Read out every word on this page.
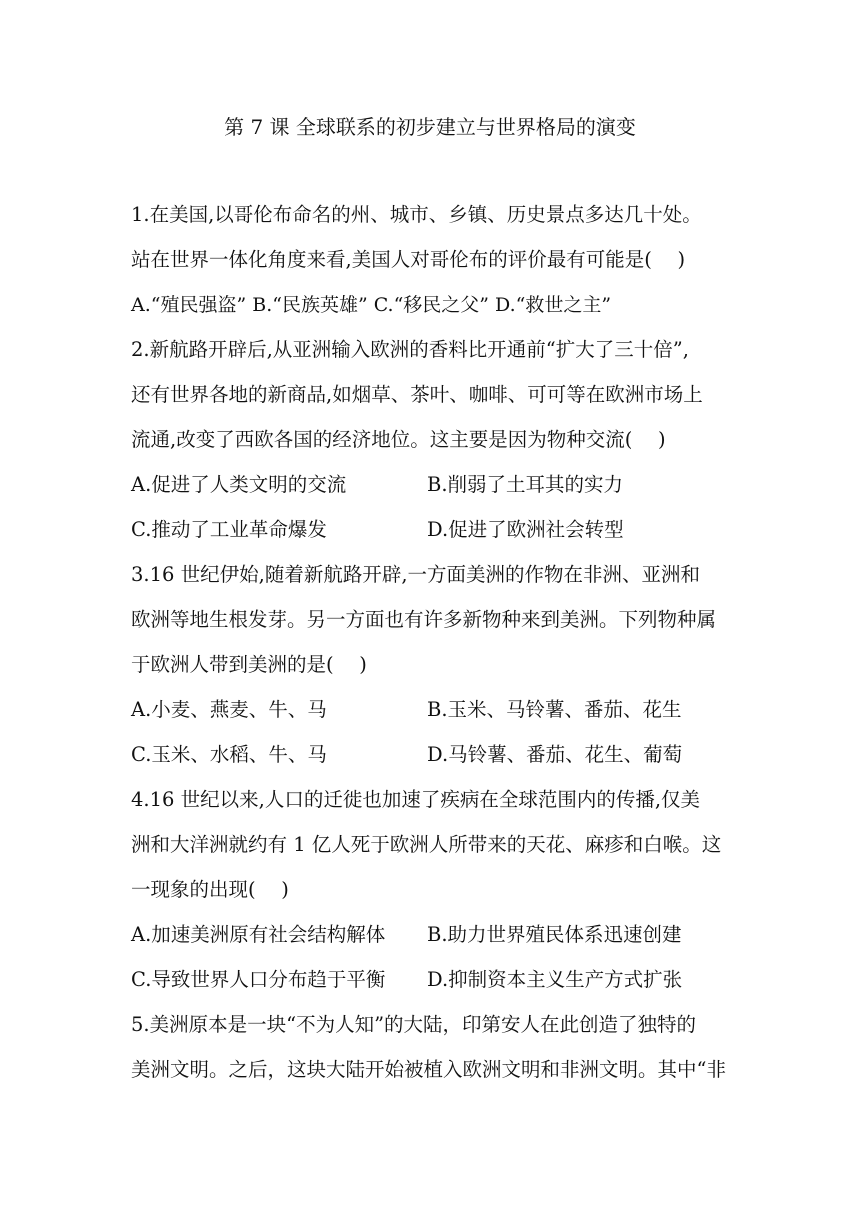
第 7 课 全球联系的初步建立与世界格局的演变
1.在美国,以哥伦布命名的州、城市、乡镇、历史景点多达几十处。
站在世界一体化角度来看,美国人对哥伦布的评价最有可能是(　 )
A.“殖民强盗” B.“民族英雄” C.“移民之父” D.“救世之主”
2.新航路开辟后,从亚洲输入欧洲的香料比开通前“扩大了三十倍”,
还有世界各地的新商品,如烟草、茶叶、咖啡、可可等在欧洲市场上
流通,改变了西欧各国的经济地位。这主要是因为物种交流(　 )
A.促进了人类文明的交流	B.削弱了土耳其的实力
C.推动了工业革命爆发	D.促进了欧洲社会转型
3.16 世纪伊始,随着新航路开辟,一方面美洲的作物在非洲、亚洲和
欧洲等地生根发芽。另一方面也有许多新物种来到美洲。下列物种属
于欧洲人带到美洲的是(　 )
A.小麦、燕麦、牛、马	B.玉米、马铃薯、番茄、花生
C.玉米、水稻、牛、马	D.马铃薯、番茄、花生、葡萄
4.16 世纪以来,人口的迁徙也加速了疾病在全球范围内的传播,仅美
洲和大洋洲就约有 1 亿人死于欧洲人所带来的天花、麻疹和白喉。这
一现象的出现(　 )
A.加速美洲原有社会结构解体 B.助力世界殖民体系迅速创建
C.导致世界人口分布趋于平衡 D.抑制资本主义生产方式扩张
5.美洲原本是一块“不为人知”的大陆，印第安人在此创造了独特的
美洲文明。之后，这块大陆开始被植入欧洲文明和非洲文明。其中“非
